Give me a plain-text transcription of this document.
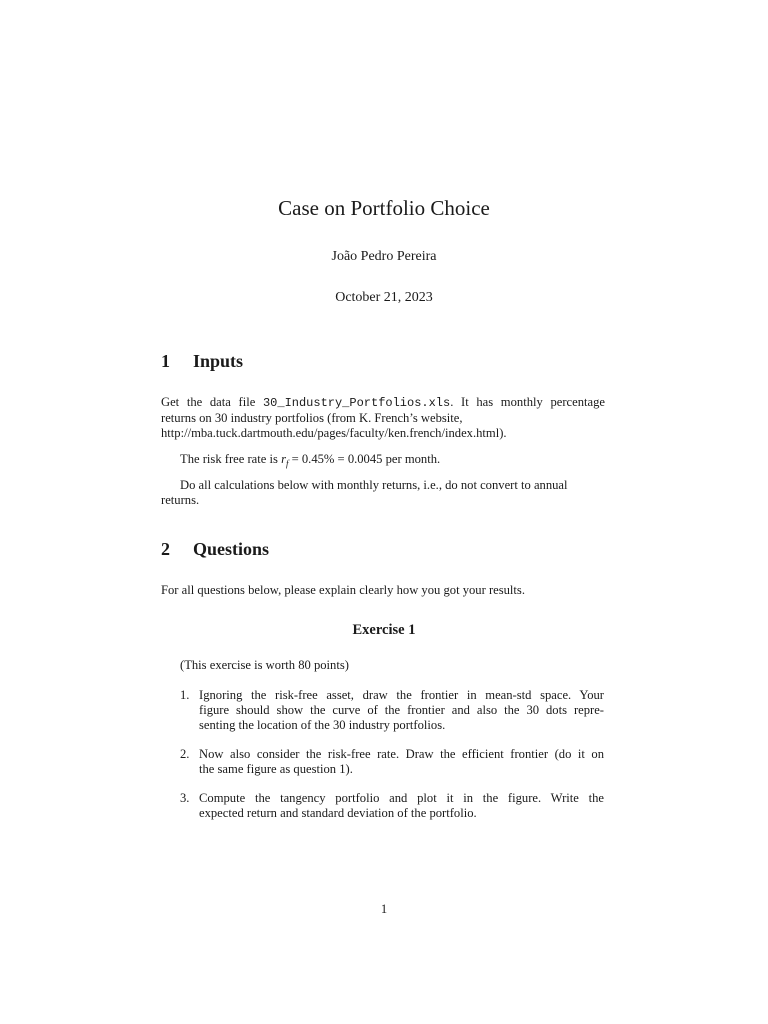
Case on Portfolio Choice
João Pedro Pereira
October 21, 2023
1 Inputs
Get the data file 30_Industry_Portfolios.xls. It has monthly percentage
returns on 30 industry portfolios (from K. French’s website,
http://mba.tuck.dartmouth.edu/pages/faculty/ken.french/index.html).
The risk free rate is $r_f = 0.45\% = 0.0045$ per month.
Do all calculations below with monthly returns, i.e., do not convert to annual
returns.
2 Questions
For all questions below, please explain clearly how you got your results.
Exercise 1
(This exercise is worth 80 points)
1. Ignoring the risk-free asset, draw the frontier in mean-std space. Your
figure should show the curve of the frontier and also the 30 dots repre-
senting the location of the 30 industry portfolios.
2. Now also consider the risk-free rate. Draw the efficient frontier (do it on
the same figure as question 1).
3. Compute the tangency portfolio and plot it in the figure. Write the
expected return and standard deviation of the portfolio.
1
